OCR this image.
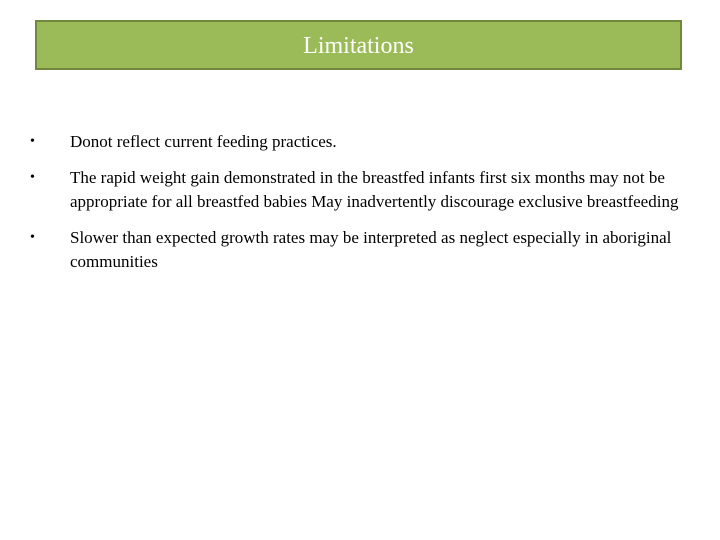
Limitations
•	Donot reflect current feeding practices.
•	The rapid weight gain demonstrated in the breastfed infants first six months may not be appropriate for all breastfed babies May inadvertently discourage exclusive breastfeeding
•	Slower than expected growth rates may be interpreted as neglect especially in aboriginal communities
